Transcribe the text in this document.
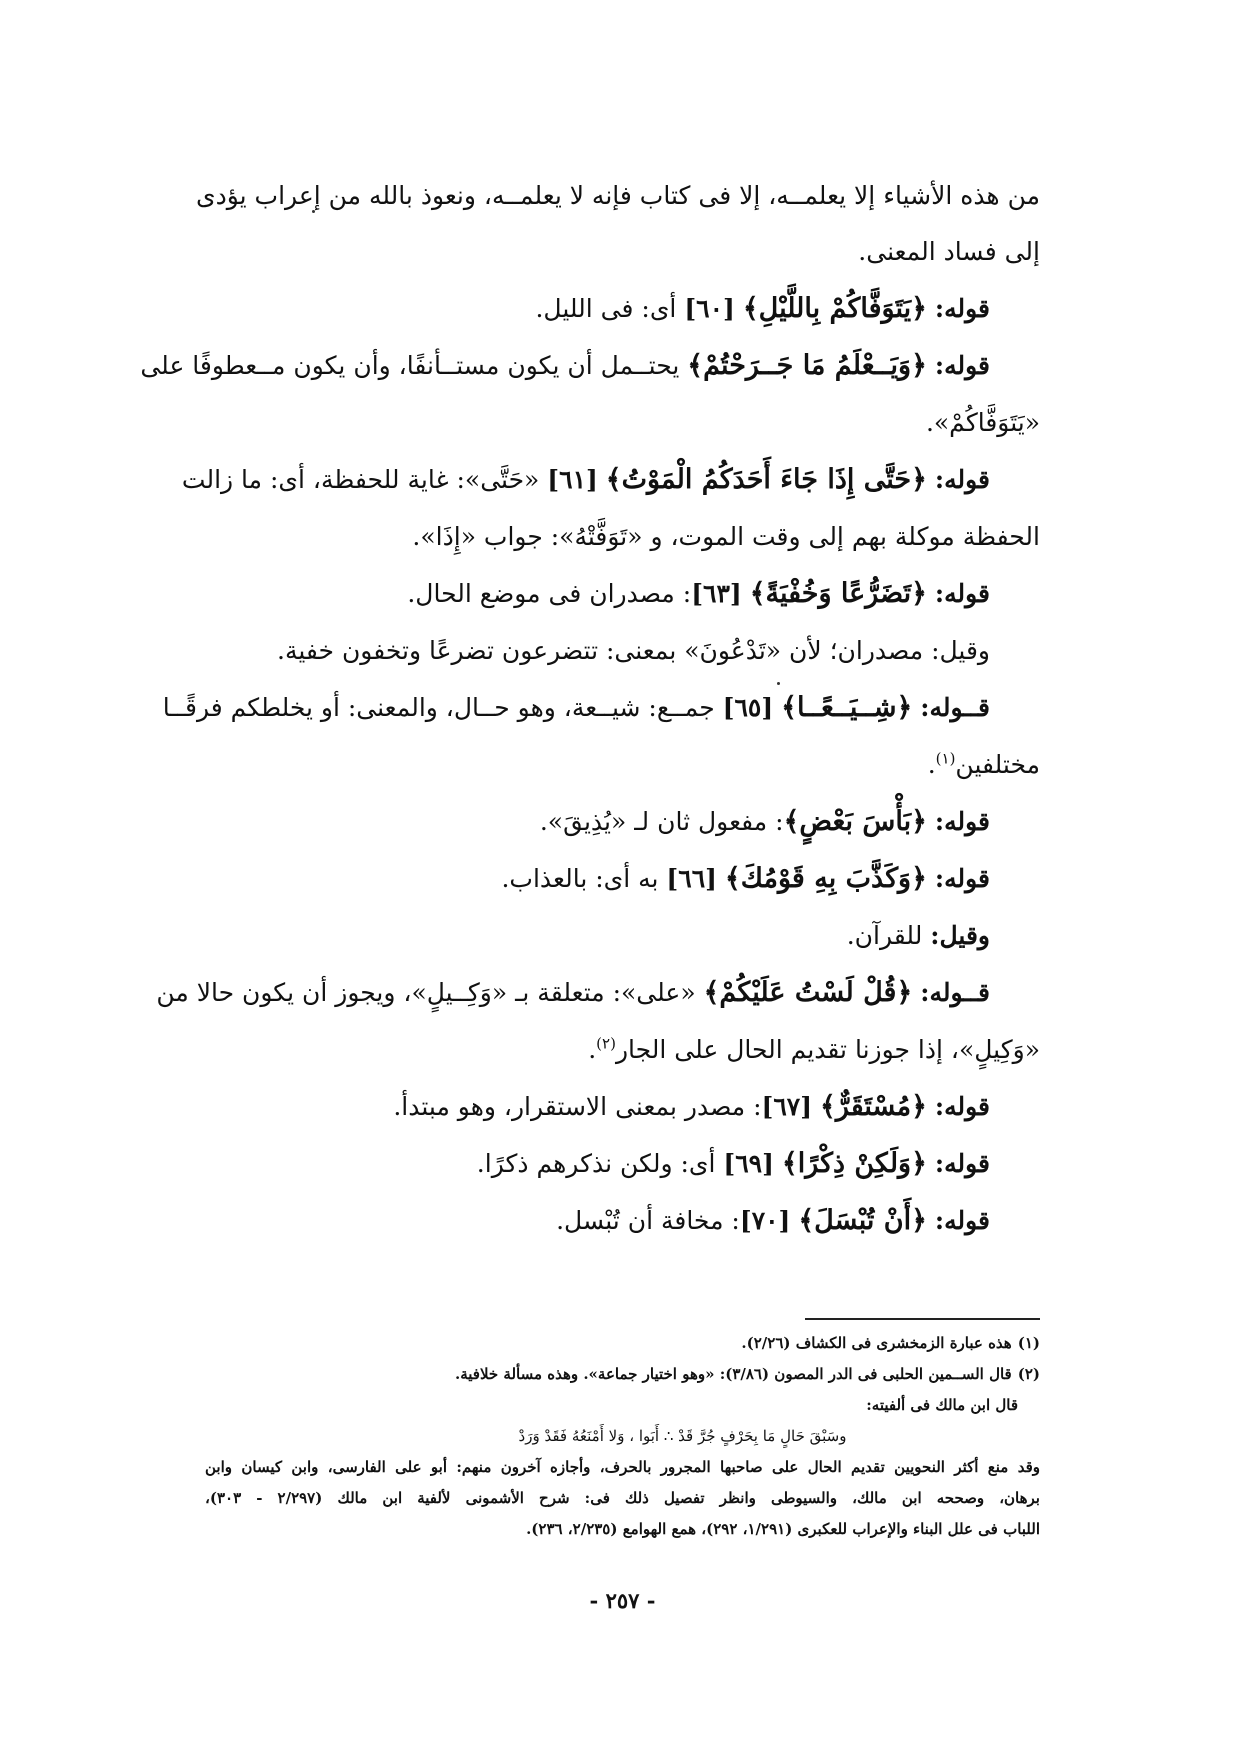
من هذه الأشياء إلا يعلمــه، إلا فى كتاب فإنه لا يعلمــه، ونعوذ بالله من إعراب يؤدى
إلى فساد المعنى.
قوله: ﴿يَتَوَفَّاكُمْ بِاللَّيْلِ﴾ [٦٠] أى: فى الليل.
قوله: ﴿وَيَــعْلَمُ مَا جَــرَحْتُمْ﴾ يحتــمل أن يكون مستــأنفًا، وأن يكون مــعطوفًا على
«يَتَوَفَّاكُمْ».
قوله: ﴿حَتَّى إِذَا جَاءَ أَحَدَكُمُ الْمَوْتُ﴾ [٦١] «حَتَّى»: غاية للحفظة، أى: ما زالت
الحفظة موكلة بهم إلى وقت الموت، و «تَوَفَّتْهُ»: جواب «إِذَا».
قوله: ﴿تَضَرُّعًا وَخُفْيَةً﴾ [٦٣]: مصدران فى موضع الحال.
وقيل: مصدران؛ لأن «تَدْعُونَ» بمعنى: تتضرعون تضرعًا وتخفون خفية.
قــوله: ﴿شِــيَــعًــا﴾ [٦٥] جمــع: شيــعة، وهو حــال، والمعنى: أو يخلطكم فرقًــا
مختلفين$^{(١)}$.
قوله: ﴿بَأْسَ بَعْضٍ﴾: مفعول ثان لـ «يُذِيقَ».
قوله: ﴿وَكَذَّبَ بِهِ قَوْمُكَ﴾ [٦٦] به أى: بالعذاب.
وقيل: للقرآن.
قــوله: ﴿قُلْ لَسْتُ عَلَيْكُمْ﴾ «على»: متعلقة بـ «وَكِــيلٍ»، ويجوز أن يكون حالا من
«وَكِيلٍ»، إذا جوزنا تقديم الحال على الجار$^{(٢)}$.
قوله: ﴿مُسْتَقَرٌّ﴾ [٦٧]: مصدر بمعنى الاستقرار، وهو مبتدأ.
قوله: ﴿وَلَكِنْ ذِكْرًا﴾ [٦٩] أى: ولكن نذكرهم ذكرًا.
قوله: ﴿أَنْ تُبْسَلَ﴾ [٧٠]: مخافة أن تُبْسل.
(١)هذه عبارة الزمخشرى فى الكشاف (٢/٢٦).
(٢)قال الســمين الحلبى فى الدر المصون (٣/٨٦): «وهو اختيار جماعة». وهذه مسألة خلافية.
قال ابن مالك فى ألفيته:
وسَبْقَ حَالٍ مَا بِحَرْفٍ جُرَّ قَدْ ∴ أَبَوا ، وَلا أَمْنَعُهُ فَقَدْ وَرَدْ
وقد منع أكثر النحويين تقديم الحال على صاحبها المجرور بالحرف، وأجازه آخرون منهم: أبو على الفارسى، وابن كيسان وابن
برهان، وصححه ابن مالك، والسيوطى وانظر تفصيل ذلك فى: شرح الأشمونى لألفية ابن مالك (٢/٢٩٧ - ٣٠٣)،
اللباب فى علل البناء والإعراب للعكبرى (١/٢٩١، ٢٩٢)، همع الهوامع (٢/٢٣٥، ٢٣٦).
- ٢٥٧ -
